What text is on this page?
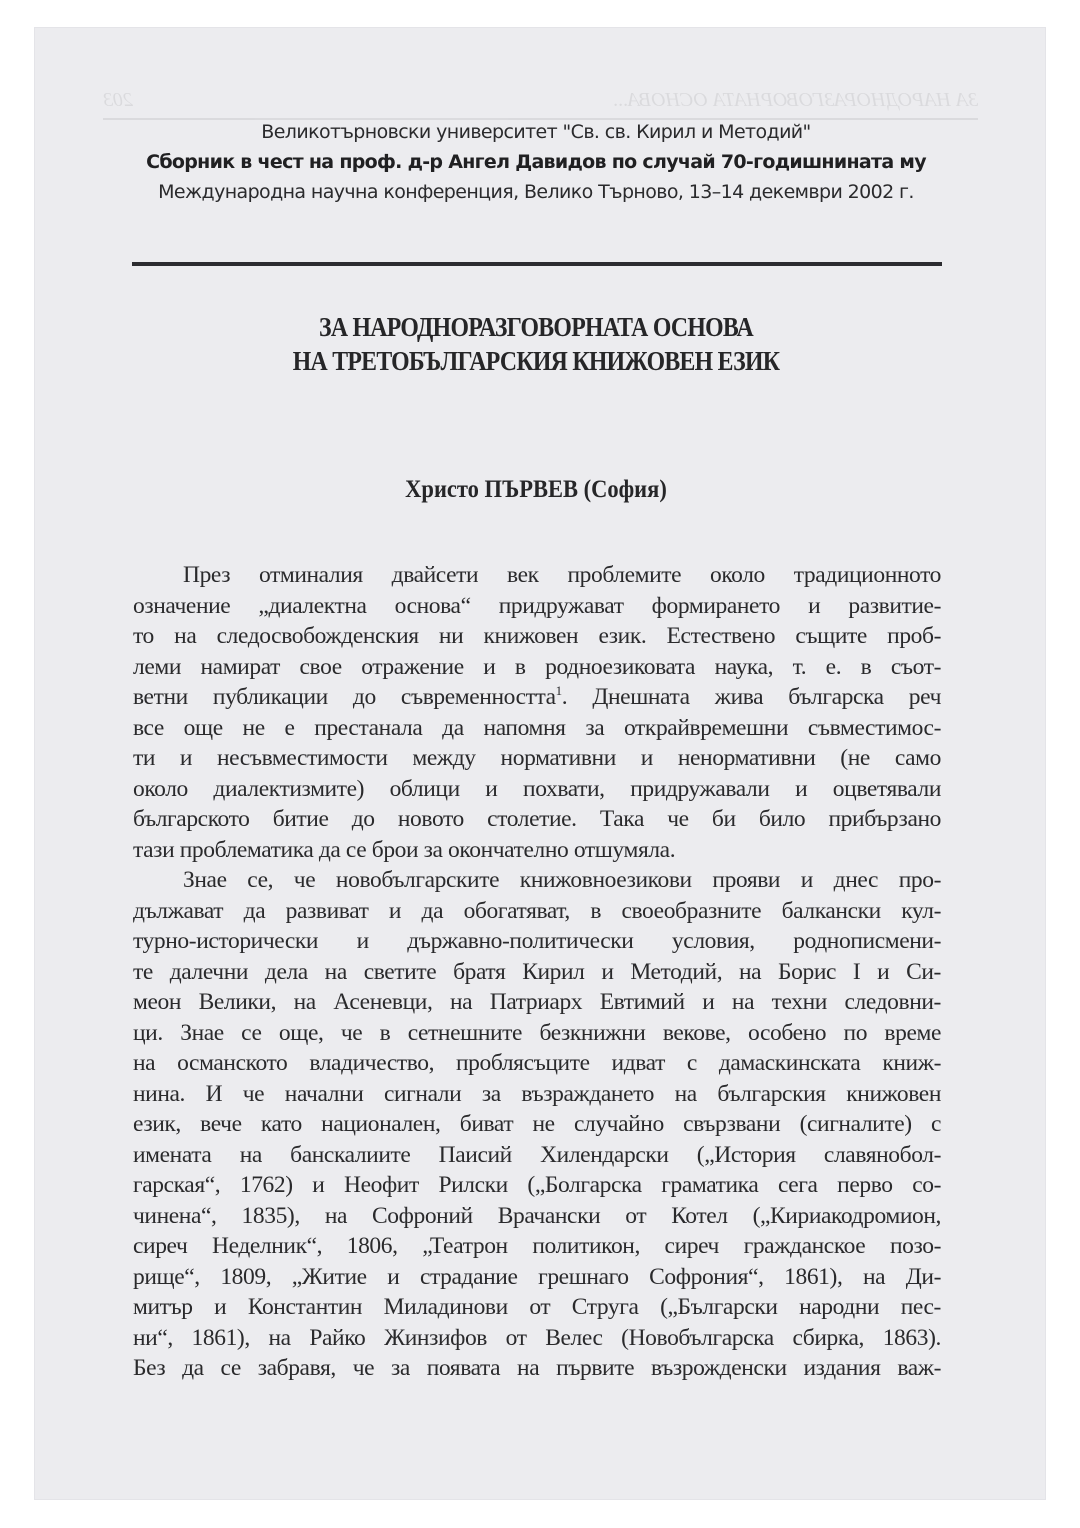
ЗА НАРОДНОРАЗГОВОРНАТА ОСНОВА...
203
Великотърновски университет "Св. св. Кирил и Методий"
Сборник в чест на проф. д-р Ангел Давидов по случай 70-годишнината му
Международна научна конференция, Велико Търново, 13–14 декември 2002 г.
ЗА НАРОДНОРАЗГОВОРНАТА ОСНОВА
НА ТРЕТОБЪЛГАРСКИЯ КНИЖОВЕН ЕЗИК
Христо ПЪРВЕВ (София)
През отминалия двайсети век проблемите около традиционното
означение „диалектна основа“ придружават формирането и развитие-
то на следосвобожденския ни книжовен език. Естествено същите проб-
леми намират свое отражение и в родноезиковата наука, т. е. в съот-
ветни публикации до съвременността$^1$. Днешната жива българска реч
все още не е престанала да напомня за открайвремешни съвместимос-
ти и несъвместимости между нормативни и ненормативни (не само
около диалектизмите) облици и похвати, придружавали и оцветявали
българското битие до новото столетие. Така че би било прибързано
тази проблематика да се брои за окончателно отшумяла.
Знае се, че новобългарските книжовноезикови прояви и днес про-
дължават да развиват и да обогатяват, в своеобразните балкански кул-
турно-исторически и държавно-политически условия, роднописмени-
те далечни дела на светите братя Кирил и Методий, на Борис I и Си-
меон Велики, на Асеневци, на Патриарх Евтимий и на техни следовни-
ци. Знае се още, че в сетнешните безкнижни векове, особено по време
на османското владичество, проблясъците идват с дамаскинската книж-
нина. И че начални сигнали за възраждането на българския книжовен
език, вече като национален, биват не случайно свързвани (сигналите) с
имената на банскалиите Паисий Хилендарски („История славянобол-
гарская“, 1762) и Неофит Рилски („Болгарска граматика сега перво со-
чинена“, 1835), на Софроний Врачански от Котел („Кириакодромион,
сиреч Неделник“, 1806, „Театрон политикон, сиреч гражданское позо-
рище“, 1809, „Житие и страдание грешнаго Софрония“, 1861), на Ди-
митър и Константин Миладинови от Струга („Български народни пес-
ни“, 1861), на Райко Жинзифов от Велес (Новобългарска сбирка, 1863).
Без да се забравя, че за появата на първите възрожденски издания важ-
